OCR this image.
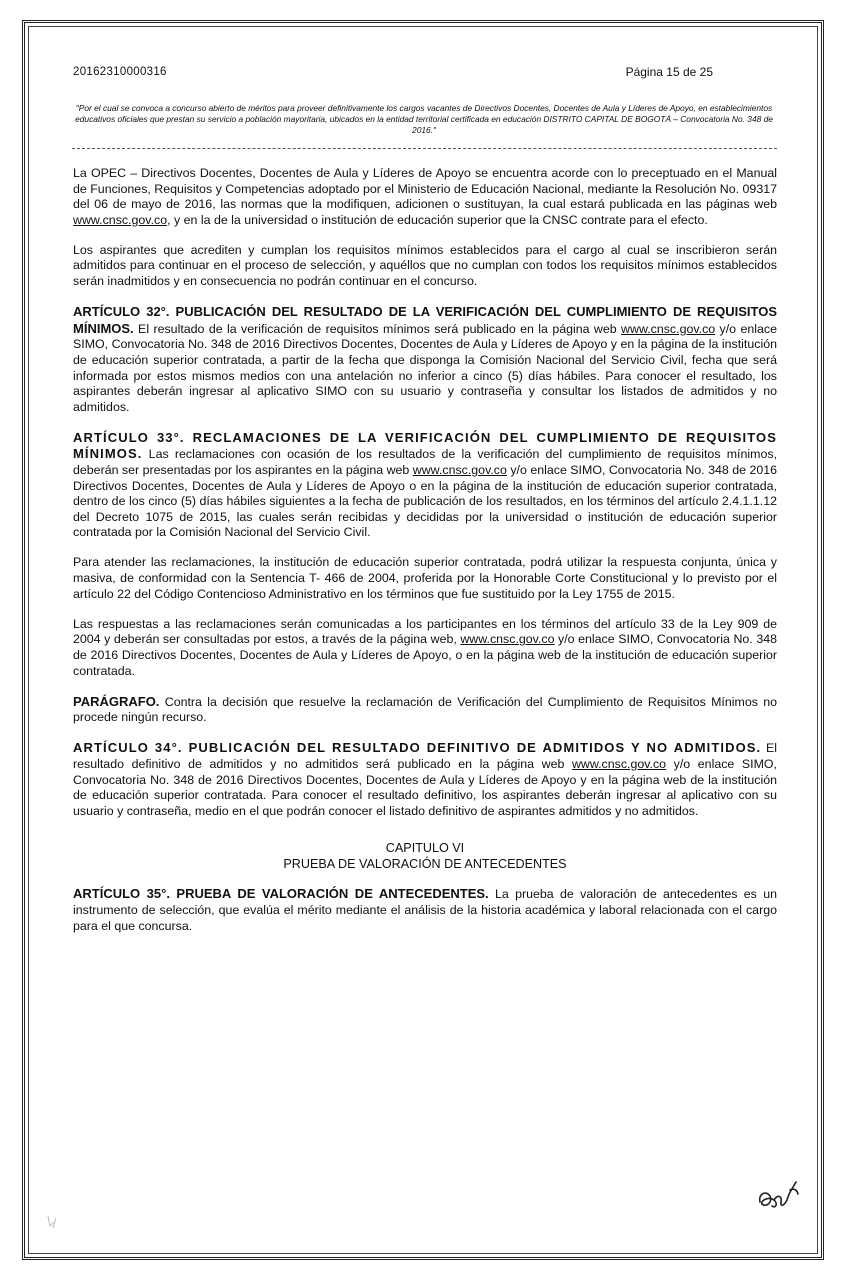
20162310000316	Página 15 de 25
"Por el cual se convoca a concurso abierto de méritos para proveer definitivamente los cargos vacantes de Directivos Docentes, Docentes de Aula y Líderes de Apoyo, en establecimientos educativos oficiales que prestan su servicio a población mayoritaria, ubicados en la entidad territorial certificada en educación DISTRITO CAPITAL DE BOGOTÁ – Convocatoria No. 348 de 2016."

La OPEC – Directivos Docentes, Docentes de Aula y Líderes de Apoyo se encuentra acorde con lo preceptuado en el Manual de Funciones, Requisitos y Competencias adoptado por el Ministerio de Educación Nacional, mediante la Resolución No. 09317 del 06 de mayo de 2016, las normas que la modifiquen, adicionen o sustituyan, la cual estará publicada en las páginas web www.cnsc.gov.co, y en la de la universidad o institución de educación superior que la CNSC contrate para el efecto.

Los aspirantes que acrediten y cumplan los requisitos mínimos establecidos para el cargo al cual se inscribieron serán admitidos para continuar en el proceso de selección, y aquéllos que no cumplan con todos los requisitos mínimos establecidos serán inadmitidos y en consecuencia no podrán continuar en el concurso.

ARTÍCULO 32°. PUBLICACIÓN DEL RESULTADO DE LA VERIFICACIÓN DEL CUMPLIMIENTO DE REQUISITOS MÍNIMOS. El resultado de la verificación de requisitos mínimos será publicado en la página web www.cnsc.gov.co y/o enlace SIMO, Convocatoria No. 348 de 2016 Directivos Docentes, Docentes de Aula y Líderes de Apoyo y en la página de la institución de educación superior contratada, a partir de la fecha que disponga la Comisión Nacional del Servicio Civil, fecha que será informada por estos mismos medios con una antelación no inferior a cinco (5) días hábiles. Para conocer el resultado, los aspirantes deberán ingresar al aplicativo SIMO con su usuario y contraseña y consultar los listados de admitidos y no admitidos.

ARTÍCULO 33°. RECLAMACIONES DE LA VERIFICACIÓN DEL CUMPLIMIENTO DE REQUISITOS MÍNIMOS. Las reclamaciones con ocasión de los resultados de la verificación del cumplimiento de requisitos mínimos, deberán ser presentadas por los aspirantes en la página web www.cnsc.gov.co y/o enlace SIMO, Convocatoria No. 348 de 2016 Directivos Docentes, Docentes de Aula y Líderes de Apoyo o en la página de la institución de educación superior contratada, dentro de los cinco (5) días hábiles siguientes a la fecha de publicación de los resultados, en los términos del artículo 2.4.1.1.12 del Decreto 1075 de 2015, las cuales serán recibidas y decididas por la universidad o institución de educación superior contratada por la Comisión Nacional del Servicio Civil.

Para atender las reclamaciones, la institución de educación superior contratada, podrá utilizar la respuesta conjunta, única y masiva, de conformidad con la Sentencia T- 466 de 2004, proferida por la Honorable Corte Constitucional y lo previsto por el artículo 22 del Código Contencioso Administrativo en los términos que fue sustituido por la Ley 1755 de 2015.

Las respuestas a las reclamaciones serán comunicadas a los participantes en los términos del artículo 33 de la Ley 909 de 2004 y deberán ser consultadas por estos, a través de la página web, www.cnsc.gov.co y/o enlace SIMO, Convocatoria No. 348 de 2016 Directivos Docentes, Docentes de Aula y Líderes de Apoyo, o en la página web de la institución de educación superior contratada.

PARÁGRAFO. Contra la decisión que resuelve la reclamación de Verificación del Cumplimiento de Requisitos Mínimos no procede ningún recurso.

ARTÍCULO 34°. PUBLICACIÓN DEL RESULTADO DEFINITIVO DE ADMITIDOS Y NO ADMITIDOS. El resultado definitivo de admitidos y no admitidos será publicado en la página web www.cnsc.gov.co y/o enlace SIMO, Convocatoria No. 348 de 2016 Directivos Docentes, Docentes de Aula y Líderes de Apoyo y en la página web de la institución de educación superior contratada. Para conocer el resultado definitivo, los aspirantes deberán ingresar al aplicativo con su usuario y contraseña, medio en el que podrán conocer el listado definitivo de aspirantes admitidos y no admitidos.

CAPITULO VI
PRUEBA DE VALORACIÓN DE ANTECEDENTES

ARTÍCULO 35°. PRUEBA DE VALORACIÓN DE ANTECEDENTES. La prueba de valoración de antecedentes es un instrumento de selección, que evalúa el mérito mediante el análisis de la historia académica y laboral relacionada con el cargo para el que concursa.
